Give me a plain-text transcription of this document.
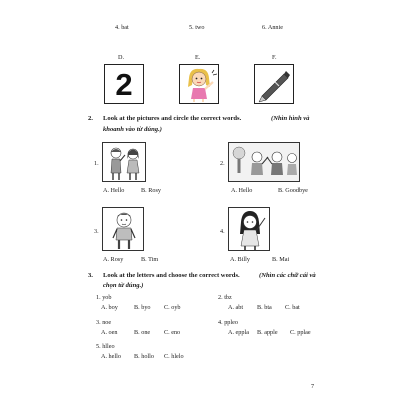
4. bat	5. two	6. Annie
D.	E.	F.
2
2. Look at the pictures and circle the correct words.	(Nhìn hình và
khoanh vào từ đúng.)
1.
A. Hello	B. Rosy
2.
A. Hello	B. Goodbye
3.
A. Rosy	B. Tim
4.
A. Billy	B. Mai
3. Look at the letters and choose the correct words.	(Nhìn các chữ cái và
chọn từ đúng.)
1. yob
A. boy	B. byo C. oyb
2. tbz
A. abt B. bta C. bat
3. noe
A. oen	B. one C. eno
4. ppleo
A. eppla B. apple C. pplae
5. hlleo
A. hello B. hollo C. hlelo
7
